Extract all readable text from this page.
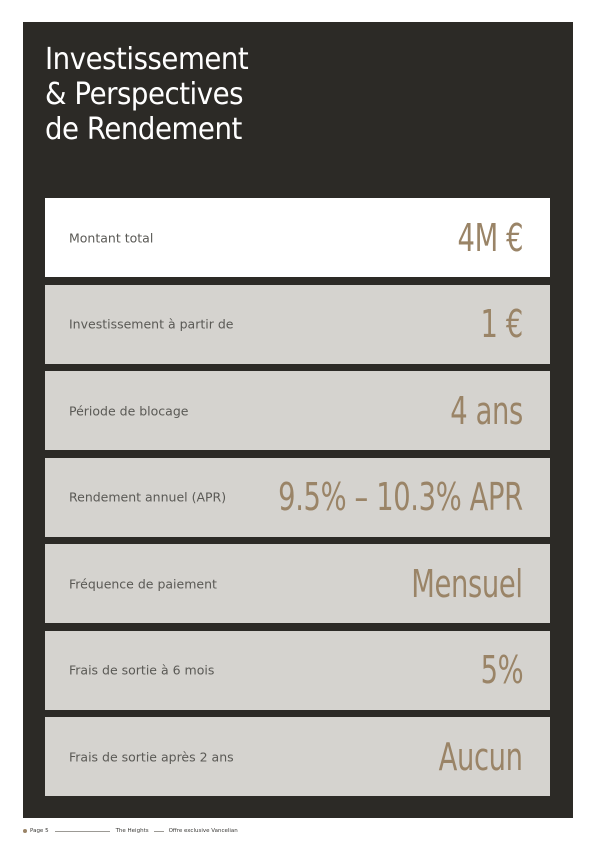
Investissement
& Perspectives
de Rendement
Montant total	4M €
Investissement à partir de	1 €
Période de blocage	4 ans
Rendement annuel (APR) 9.5% – 10.3% APR
Fréquence de paiement	Mensuel
Frais de sortie à 6 mois	5%
Frais de sortie après 2 ans	Aucun
Page 5	The Heights	Offre exclusive Vancelian
